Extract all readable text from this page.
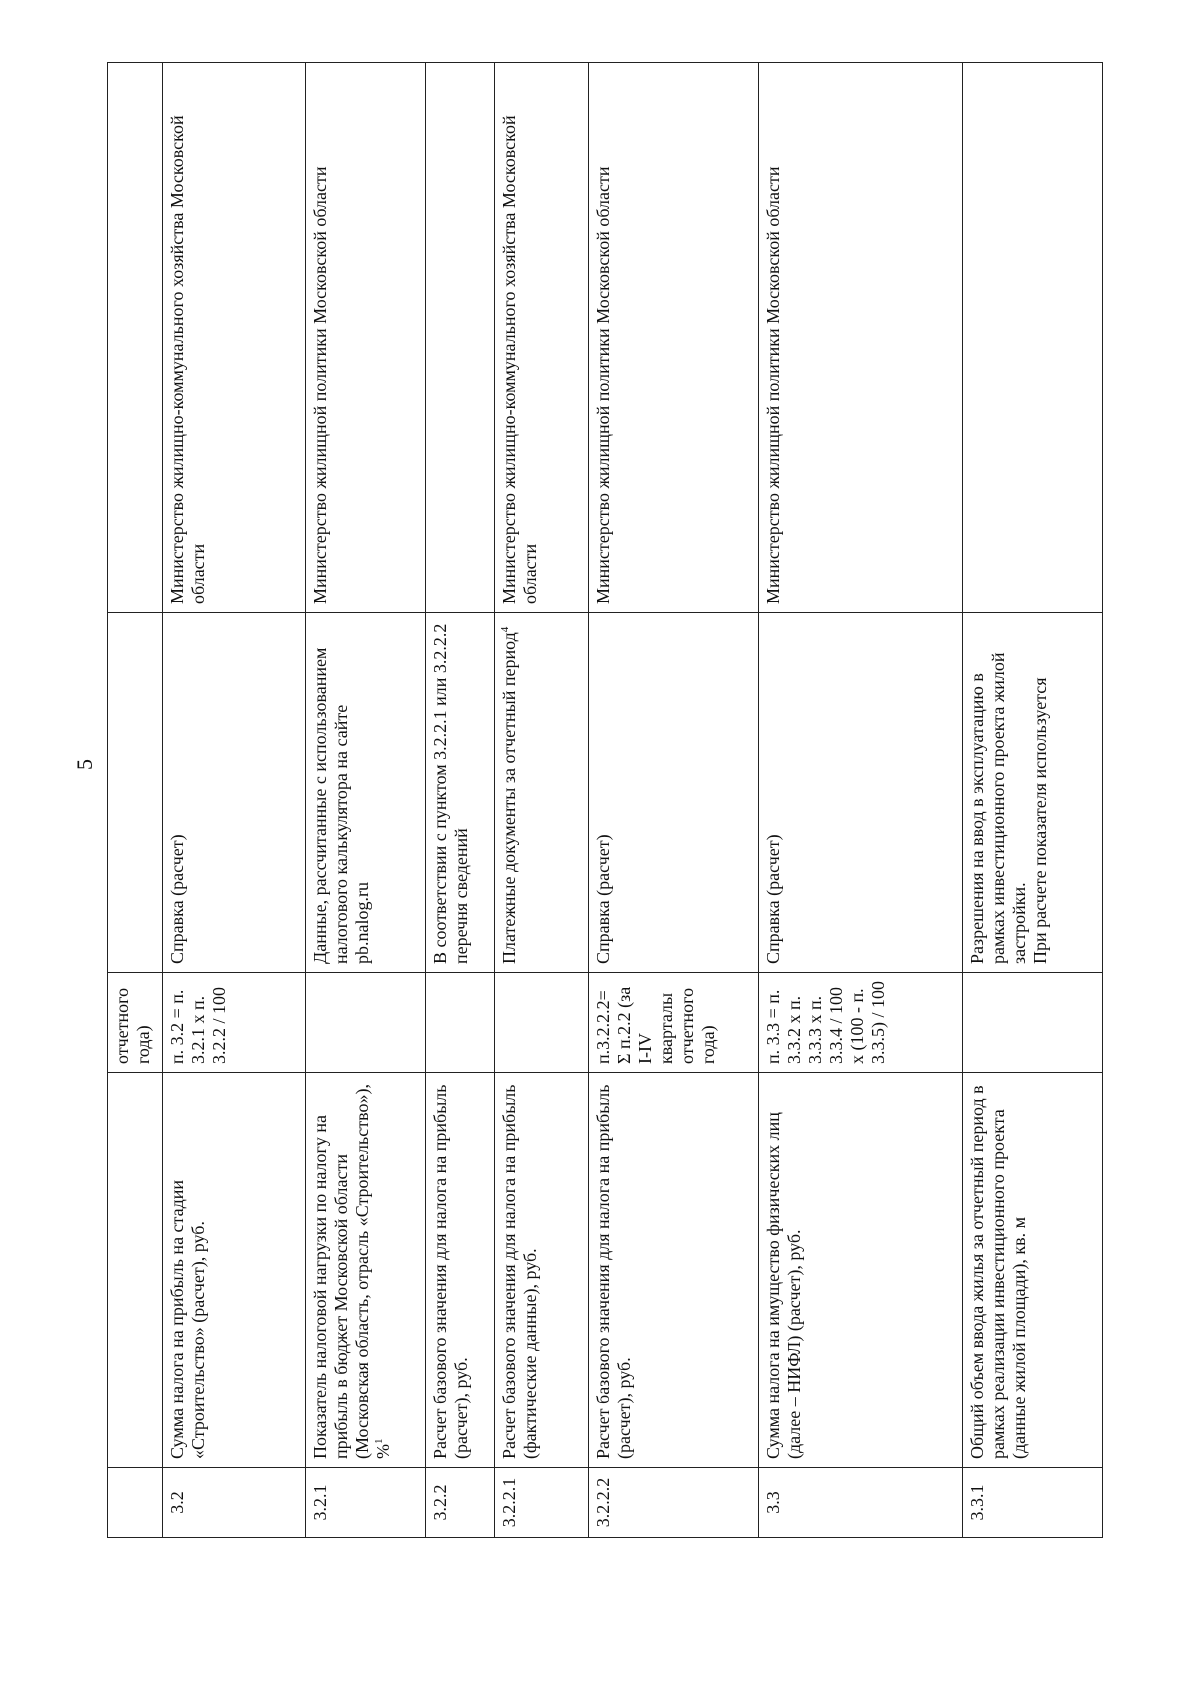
5
		отчетного года)		
3.2	Сумма налога на прибыль на стадии «Строительство» (расчет), руб.	п. 3.2 = п. 3.2.1 х п. 3.2.2 / 100	Справка (расчет)	Министерство жилищно-коммунального хозяйства Московской области
3.2.1	Показатель налоговой нагрузки по налогу на прибыль в бюджет Московской области (Московская область, отрасль «Строительство»), %$^1$		Данные, рассчитанные с использованием налогового калькулятора на сайте pb.nalog.ru	Министерство жилищной политики Московской области
3.2.2	Расчет базового значения для налога на прибыль (расчет), руб.		В соответствии с пунктом 3.2.2.1 или 3.2.2.2 перечня сведений	
3.2.2.1	Расчет базового значения для налога на прибыль (фактические данные), руб.		Платежные документы за отчетный период$^4$	Министерство жилищно-коммунального хозяйства Московской области
3.2.2.2	Расчет базового значения для налога на прибыль (расчет), руб.	п.3.2.2.2= Σ п.2.2 (за I-IV кварталы отчетного года)	Справка (расчет)	Министерство жилищной политики Московской области
3.3	Сумма налога на имущество физических лиц (далее – НИФЛ) (расчет), руб.	п. 3.3 = п. 3.3.2 х п. 3.3.3 х п. 3.3.4 / 100 х (100 - п. 3.3.5) / 100	Справка (расчет)	Министерство жилищной политики Московской области
3.3.1	Общий объем ввода жилья за отчетный период в рамках реализации инвестиционного проекта (данные жилой площади), кв. м		Разрешения на ввод в эксплуатацию в рамках инвестиционного проекта жилой застройки.
При расчете показателя используется	
